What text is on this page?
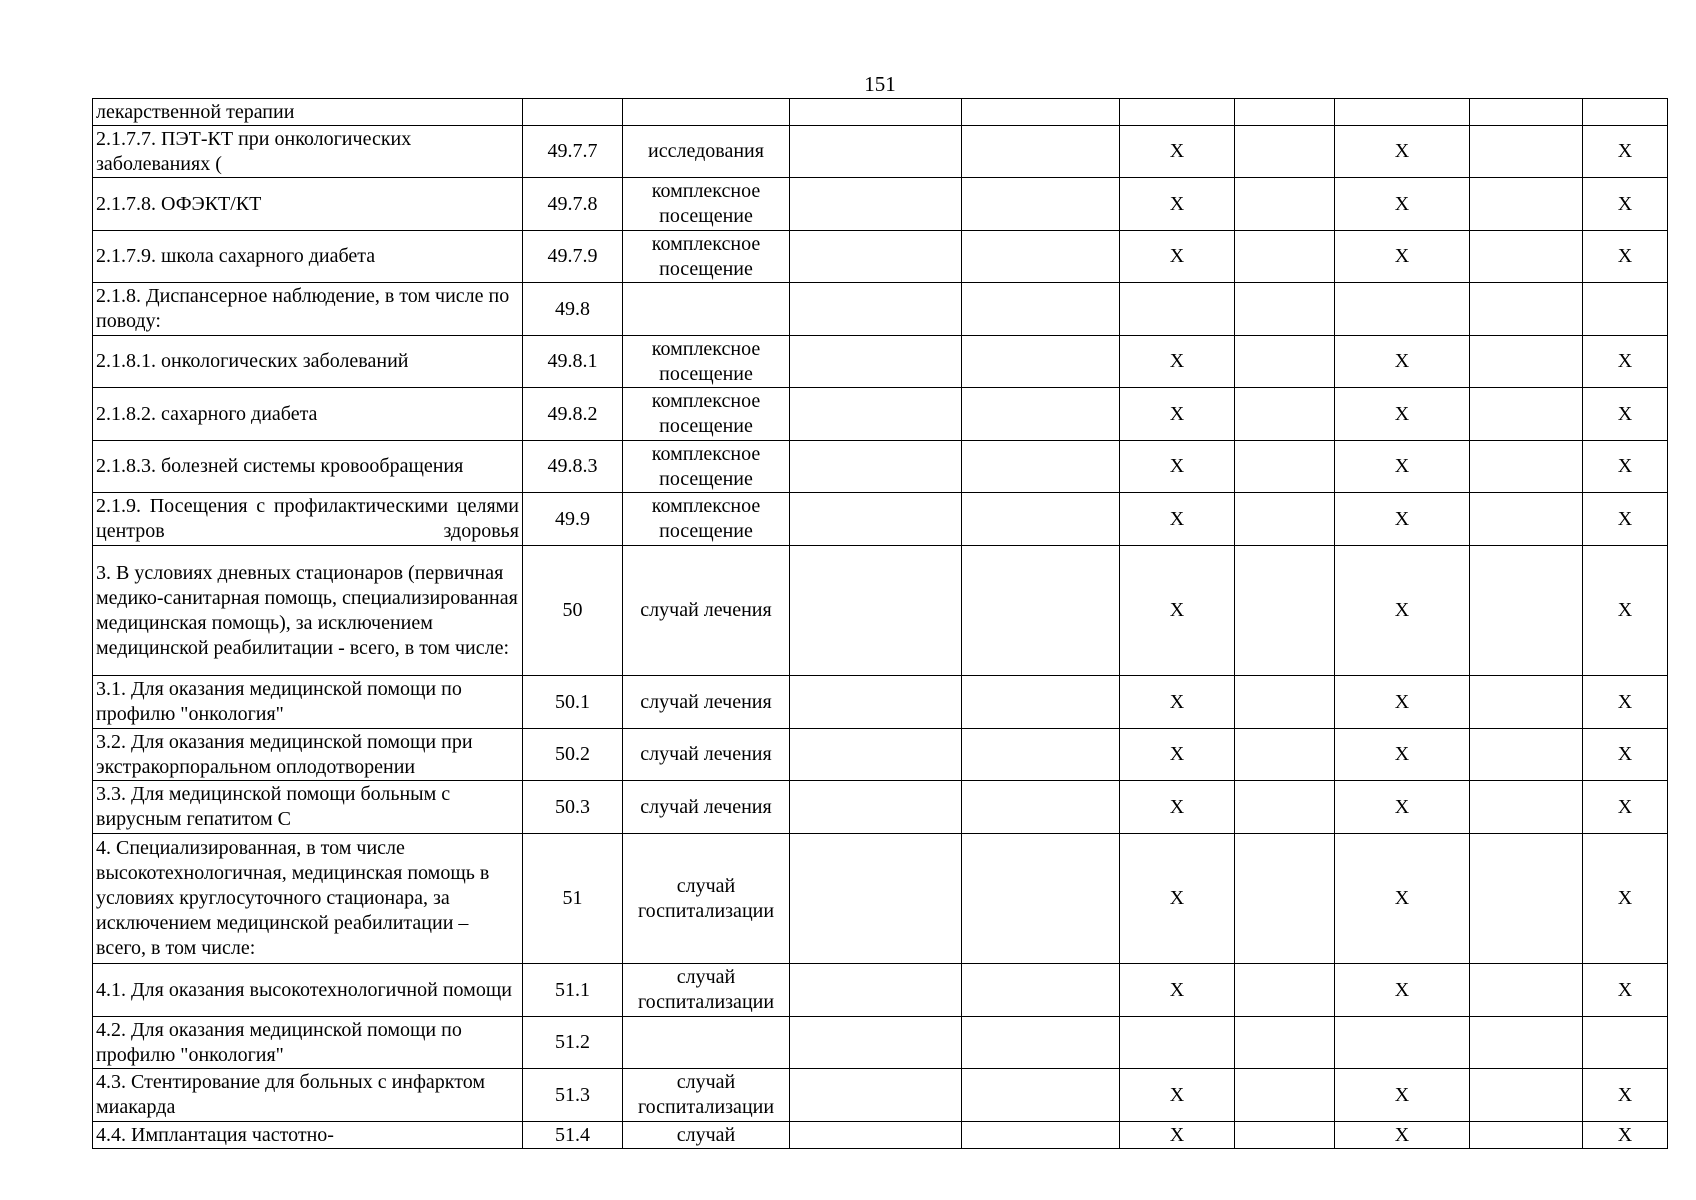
151
лекарственной терапии									
2.1.7.7. ПЭТ-КТ при онкологических заболеваниях (	49.7.7	исследования			Х		Х		Х
2.1.7.8. ОФЭКТ/КТ	49.7.8	комплексное посещение			Х		Х		Х
2.1.7.9. школа сахарного диабета	49.7.9	комплексное посещение			Х		Х		Х
2.1.8. Диспансерное наблюдение, в том числе по поводу:	49.8								
2.1.8.1. онкологических заболеваний	49.8.1	комплексное посещение			Х		Х		Х
2.1.8.2. сахарного диабета	49.8.2	комплексное посещение			Х		Х		Х
2.1.8.3. болезней системы кровообращения	49.8.3	комплексное посещение			Х		Х		Х
2.1.9. Посещения с профилактическими целями центров здоровья	49.9	комплексное посещение			Х		Х		Х
3. В условиях дневных стационаров (первичная медико-санитарная помощь, специализированная медицинская помощь), за исключением медицинской реабилитации - всего, в том числе:	50	случай лечения			Х		Х		Х
3.1. Для оказания медицинской помощи по профилю "онкология"	50.1	случай лечения			Х		Х		Х
3.2. Для оказания медицинской помощи при экстракорпоральном оплодотворении	50.2	случай лечения			Х		Х		Х
3.3. Для медицинской помощи больным с вирусным гепатитом С	50.3	случай лечения			Х		Х		Х
4. Специализированная, в том числе высокотехнологичная, медицинская помощь в условиях круглосуточного стационара, за исключением медицинской реабилитации – всего, в том числе:	51	случай госпитализации			Х		Х		Х
4.1. Для оказания высокотехнологичной помощи	51.1	случай госпитализации			Х		Х		Х
4.2. Для оказания медицинской помощи по профилю "онкология"	51.2								
4.3. Стентирование для больных с инфарктом миакарда	51.3	случай госпитализации			Х		Х		Х
4.4. Имплантация частотно-	51.4	случай			Х		Х		Х
